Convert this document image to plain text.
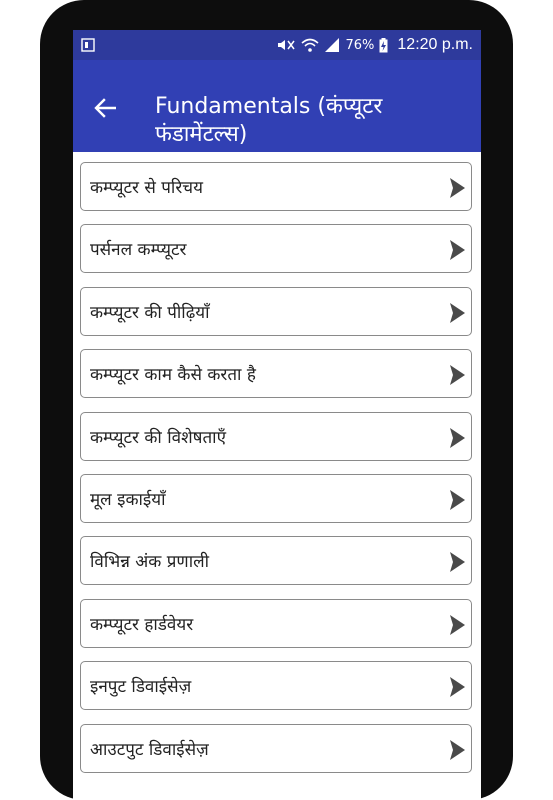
76% 12:20 p.m.
Fundamentals (कंप्यूटर फंडामेंटल्स)
कम्प्यूटर से परिचय
पर्सनल कम्प्यूटर
कम्प्यूटर की पीढ़ियाँ
कम्प्यूटर काम कैसे करता है
कम्प्यूटर की विशेषताएँ
मूल इकाईयाँ
विभिन्न अंक प्रणाली
कम्प्यूटर हार्डवेयर
इनपुट डिवाईसेज़
आउटपुट डिवाईसेज़
